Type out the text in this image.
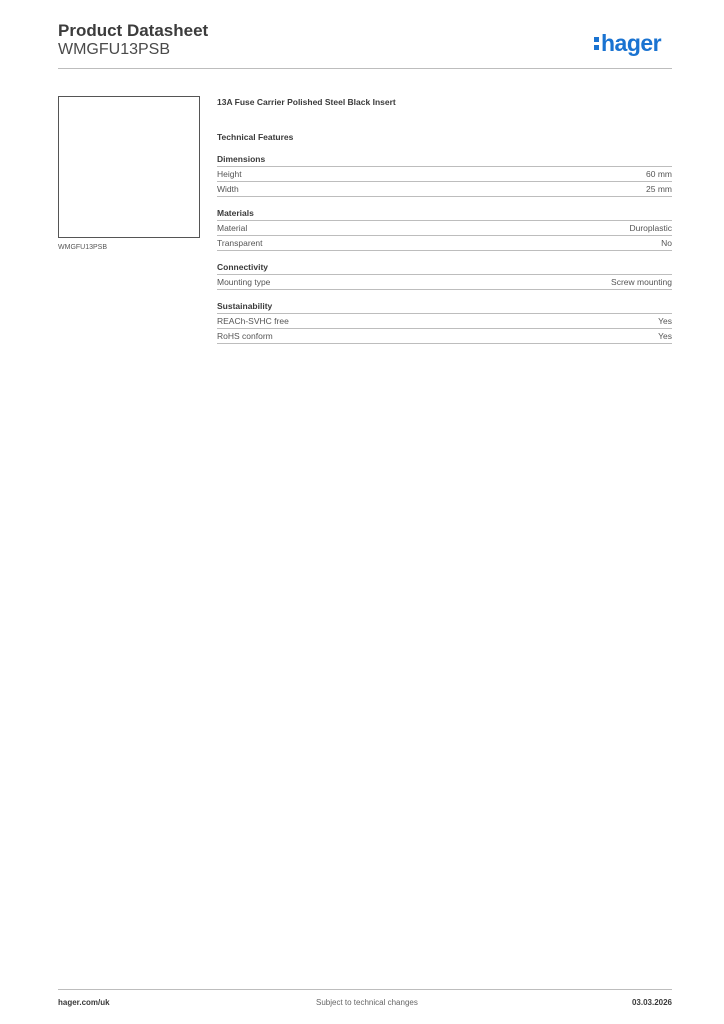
Product Datasheet
WMGFU13PSB	hager
WMGFU13PSB
13A Fuse Carrier Polished Steel Black Insert
Technical Features
Dimensions
Height	60 mm
Width	25 mm
Materials
Material	Duroplastic
Transparent	No
Connectivity
Mounting type	Screw mounting
Sustainability
REACh-SVHC free	Yes
RoHS conform	Yes
hager.com/uk	Subject to technical changes	03.03.2026
